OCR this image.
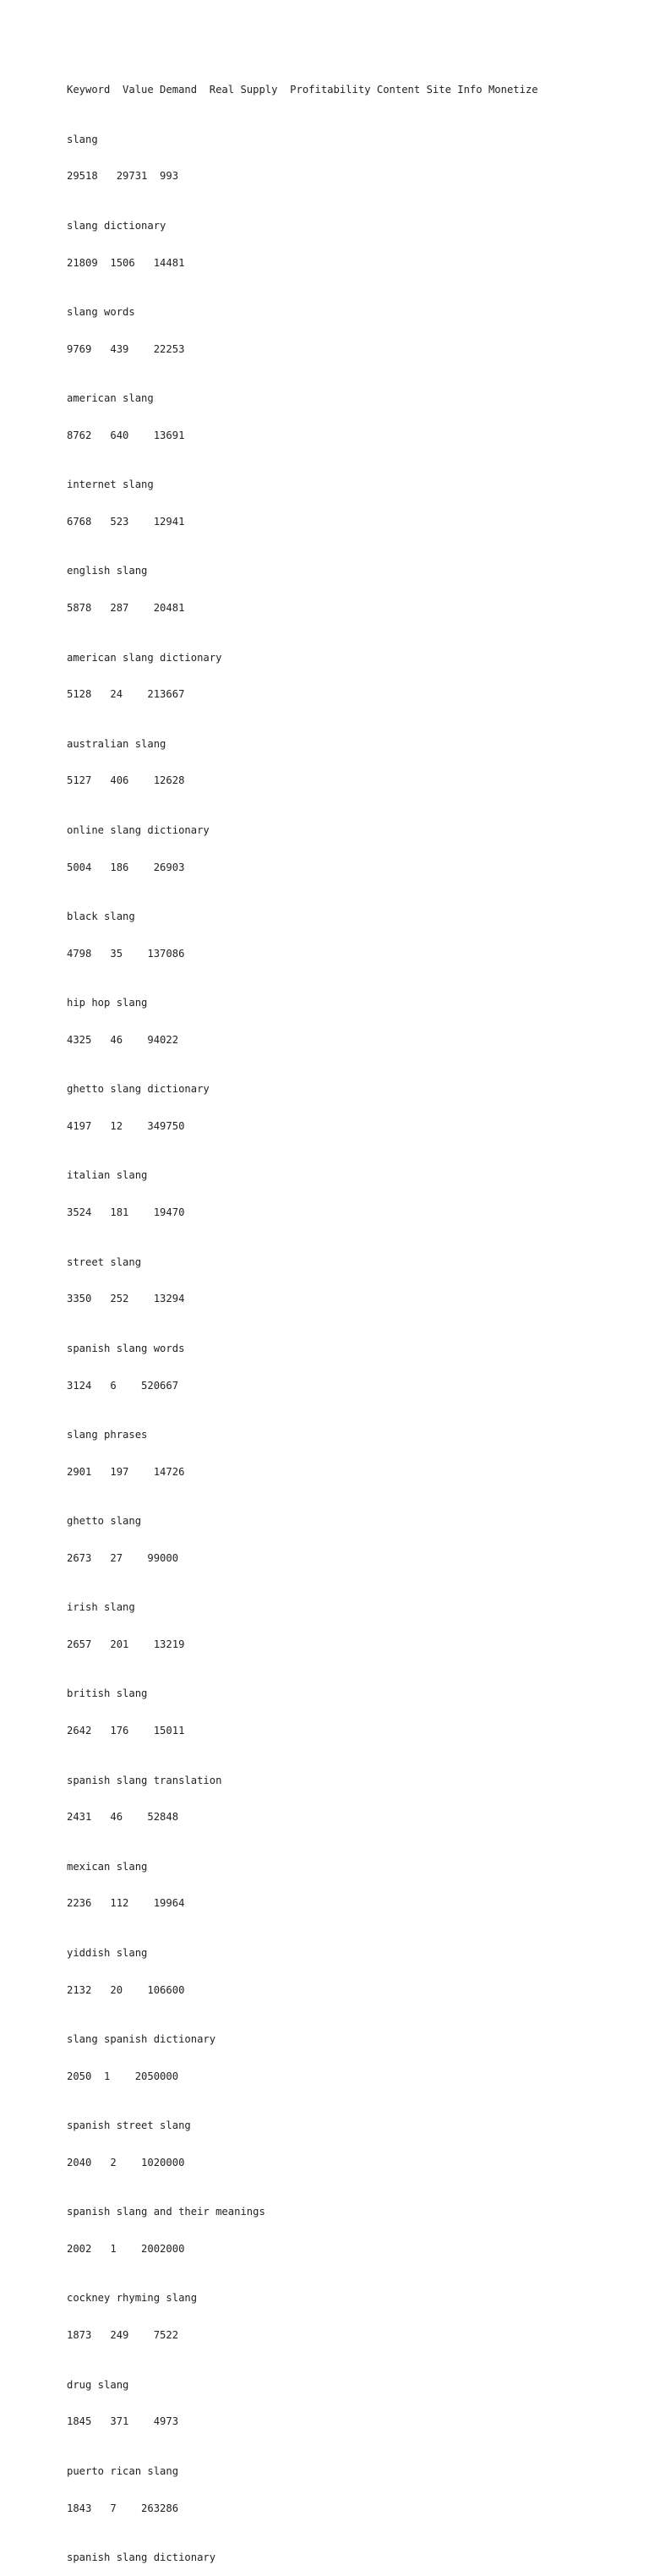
Keyword  Value Demand  Real Supply  Profitability Content Site Info Monetize

slang

29518   29731  993

slang dictionary

21809  1506   14481

slang words

9769   439    22253

american slang

8762   640    13691

internet slang

6768   523    12941

english slang

5878   287    20481

american slang dictionary

5128   24    213667

australian slang

5127   406    12628

online slang dictionary

5004   186    26903

black slang

4798   35    137086

hip hop slang

4325   46    94022

ghetto slang dictionary

4197   12    349750

italian slang

3524   181    19470

street slang

3350   252    13294

spanish slang words

3124   6    520667

slang phrases

2901   197    14726

ghetto slang

2673   27    99000

irish slang

2657   201    13219

british slang

2642   176    15011

spanish slang translation

2431   46    52848

mexican slang

2236   112    19964

yiddish slang

2132   20    106600

slang spanish dictionary

2050  1    2050000

spanish street slang

2040   2    1020000

spanish slang and their meanings

2002   1    2002000

cockney rhyming slang

1873   249    7522

drug slang

1845   371    4973

puerto rican slang

1843   7    263286

spanish slang dictionary
